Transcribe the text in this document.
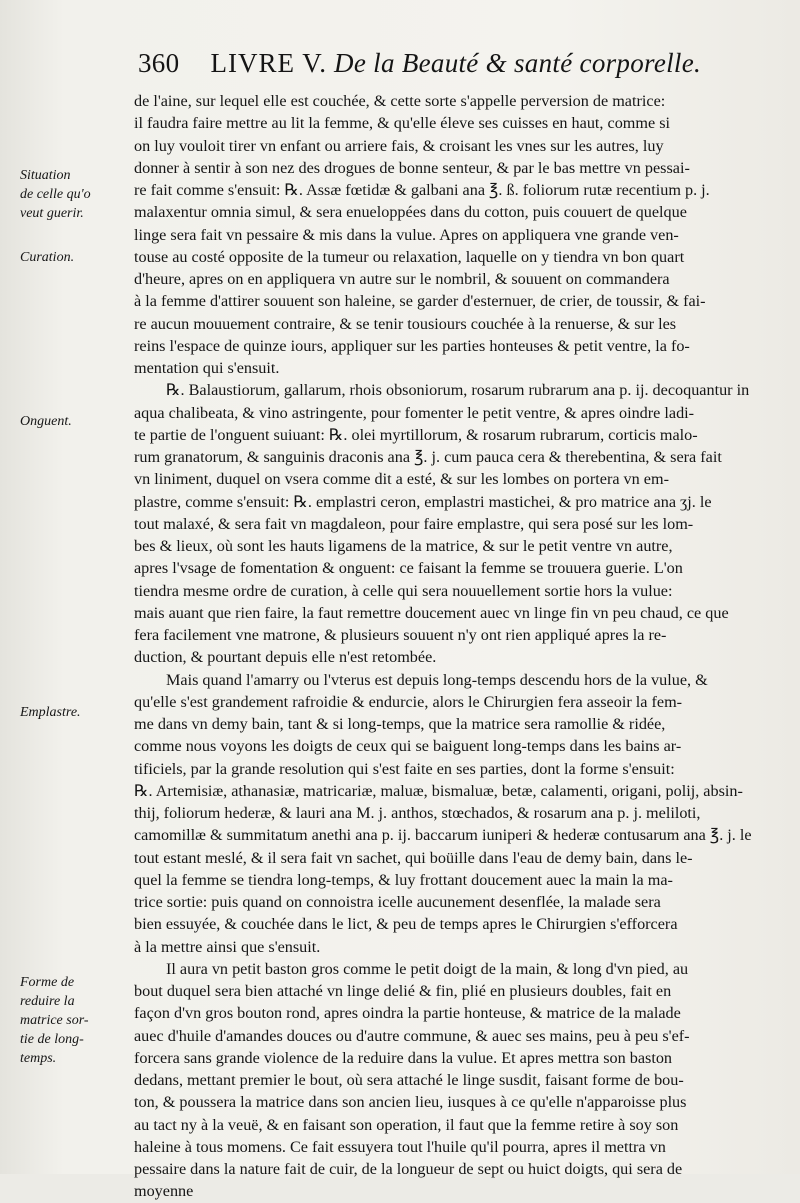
360 LIVRE V. De la Beauté & santé corporelle.
Situation
de celle qu'o
veut guerir.
Curation.
Onguent.
Emplastre.
Forme de
reduire la
matrice sor-
tie de long-
temps.
de l'aine, sur lequel elle est couchée, & cette sorte s'appelle perversion de matrice:
il faudra faire mettre au lit la femme, & qu'elle éleve ses cuisses en haut, comme si
on luy vouloit tirer vn enfant ou arriere fais, & croisant les vnes sur les autres, luy
donner à sentir à son nez des drogues de bonne senteur, & par le bas mettre vn pessai-
re fait comme s'ensuit: ℞. Assæ fœtidæ & galbani ana ℥. ß. foliorum rutæ recentium p. j.
malaxentur omnia simul, & sera enueloppées dans du cotton, puis couuert de quelque
linge sera fait vn pessaire & mis dans la vulue. Apres on appliquera vne grande ven-
touse au costé opposite de la tumeur ou relaxation, laquelle on y tiendra vn bon quart
d'heure, apres on en appliquera vn autre sur le nombril, & souuent on commandera
à la femme d'attirer souuent son haleine, se garder d'esternuer, de crier, de toussir, & fai-
re aucun mouuement contraire, & se tenir tousiours couchée à la renuerse, & sur les
reins l'espace de quinze iours, appliquer sur les parties honteuses & petit ventre, la fo-
mentation qui s'ensuit.
℞. Balaustiorum, gallarum, rhois obsoniorum, rosarum rubrarum ana p. ij. decoquantur in
aqua chalibeata, & vino astringente, pour fomenter le petit ventre, & apres oindre ladi-
te partie de l'onguent suiuant: ℞. olei myrtillorum, & rosarum rubrarum, corticis malo-
rum granatorum, & sanguinis draconis ana ℥. j. cum pauca cera & therebentina, & sera fait
vn liniment, duquel on vsera comme dit a esté, & sur les lombes on portera vn em-
plastre, comme s'ensuit: ℞. emplastri ceron, emplastri mastichei, & pro matrice ana ʒj. le
tout malaxé, & sera fait vn magdaleon, pour faire emplastre, qui sera posé sur les lom-
bes & lieux, où sont les hauts ligamens de la matrice, & sur le petit ventre vn autre,
apres l'vsage de fomentation & onguent: ce faisant la femme se trouuera guerie. L'on
tiendra mesme ordre de curation, à celle qui sera nouuellement sortie hors la vulue:
mais auant que rien faire, la faut remettre doucement auec vn linge fin vn peu chaud, ce que
fera facilement vne matrone, & plusieurs souuent n'y ont rien appliqué apres la re-
duction, & pourtant depuis elle n'est retombée.
Mais quand l'amarry ou l'vterus est depuis long-temps descendu hors de la vulue, &
qu'elle s'est grandement rafroidie & endurcie, alors le Chirurgien fera asseoir la fem-
me dans vn demy bain, tant & si long-temps, que la matrice sera ramollie & ridée,
comme nous voyons les doigts de ceux qui se baiguent long-temps dans les bains ar-
tificiels, par la grande resolution qui s'est faite en ses parties, dont la forme s'ensuit:
℞. Artemisiæ, athanasiæ, matricariæ, maluæ, bismaluæ, betæ, calamenti, origani, polij, absin-
thij, foliorum hederæ, & lauri ana M. j. anthos, stœchados, & rosarum ana p. j. meliloti,
camomillæ & summitatum anethi ana p. ij. baccarum iuniperi & hederæ contusarum ana ℥. j. le
tout estant meslé, & il sera fait vn sachet, qui boüille dans l'eau de demy bain, dans le-
quel la femme se tiendra long-temps, & luy frottant doucement auec la main la ma-
trice sortie: puis quand on connoistra icelle aucunement desenflée, la malade sera
bien essuyée, & couchée dans le lict, & peu de temps apres le Chirurgien s'efforcera
à la mettre ainsi que s'ensuit.
Il aura vn petit baston gros comme le petit doigt de la main, & long d'vn pied, au
bout duquel sera bien attaché vn linge delié & fin, plié en plusieurs doubles, fait en
façon d'vn gros bouton rond, apres oindra la partie honteuse, & matrice de la malade
auec d'huile d'amandes douces ou d'autre commune, & auec ses mains, peu à peu s'ef-
forcera sans grande violence de la reduire dans la vulue. Et apres mettra son baston
dedans, mettant premier le bout, où sera attaché le linge susdit, faisant forme de bou-
ton, & poussera la matrice dans son ancien lieu, iusques à ce qu'elle n'apparoisse plus
au tact ny à la veuë, & en faisant son operation, il faut que la femme retire à soy son
haleine à tous momens. Ce fait essuyera tout l'huile qu'il pourra, apres il mettra vn
pessaire dans la nature fait de cuir, de la longueur de sept ou huict doigts, qui sera de
moyenne
